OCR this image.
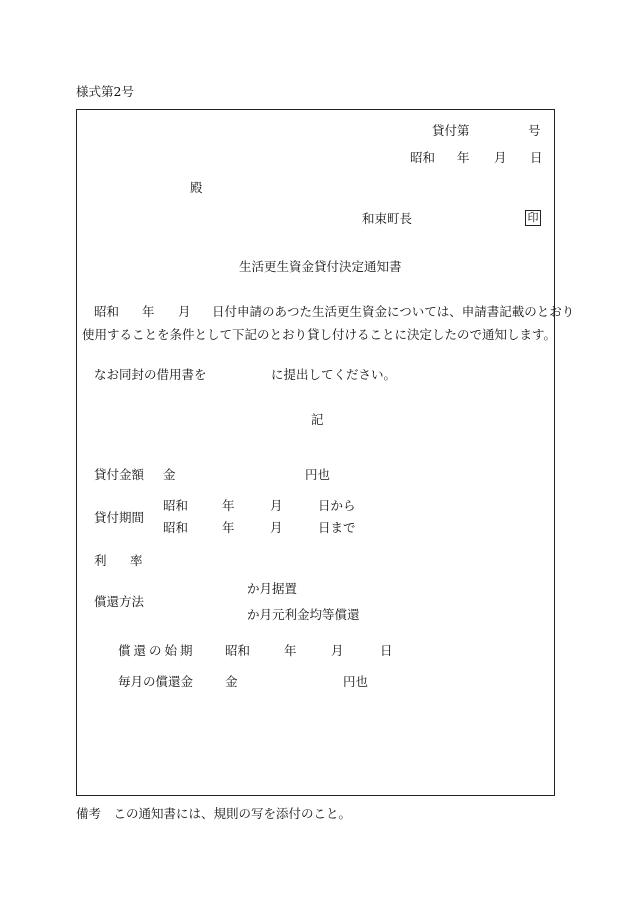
様式第2号
貸付第	号
昭和 年 月 日
殿
和束町長	印
生活更生資金貸付決定通知書
昭和 年 月 日付申請のあつた生活更生資金については、申請書記載のとおり
使用することを条件として下記のとおり貸し付けることに決定したので通知します。
なお同封の借用書を	に提出してください。
記
貸付金額 金	円也
貸付期間
昭和	年	月	日から
昭和	年	月	日まで
利 率
償還方法
か月据置
か月元利金均等償還
償還の始期 昭和	年	月	日
毎月の償還金	金	円也
備考　この通知書には、規則の写を添付のこと。
